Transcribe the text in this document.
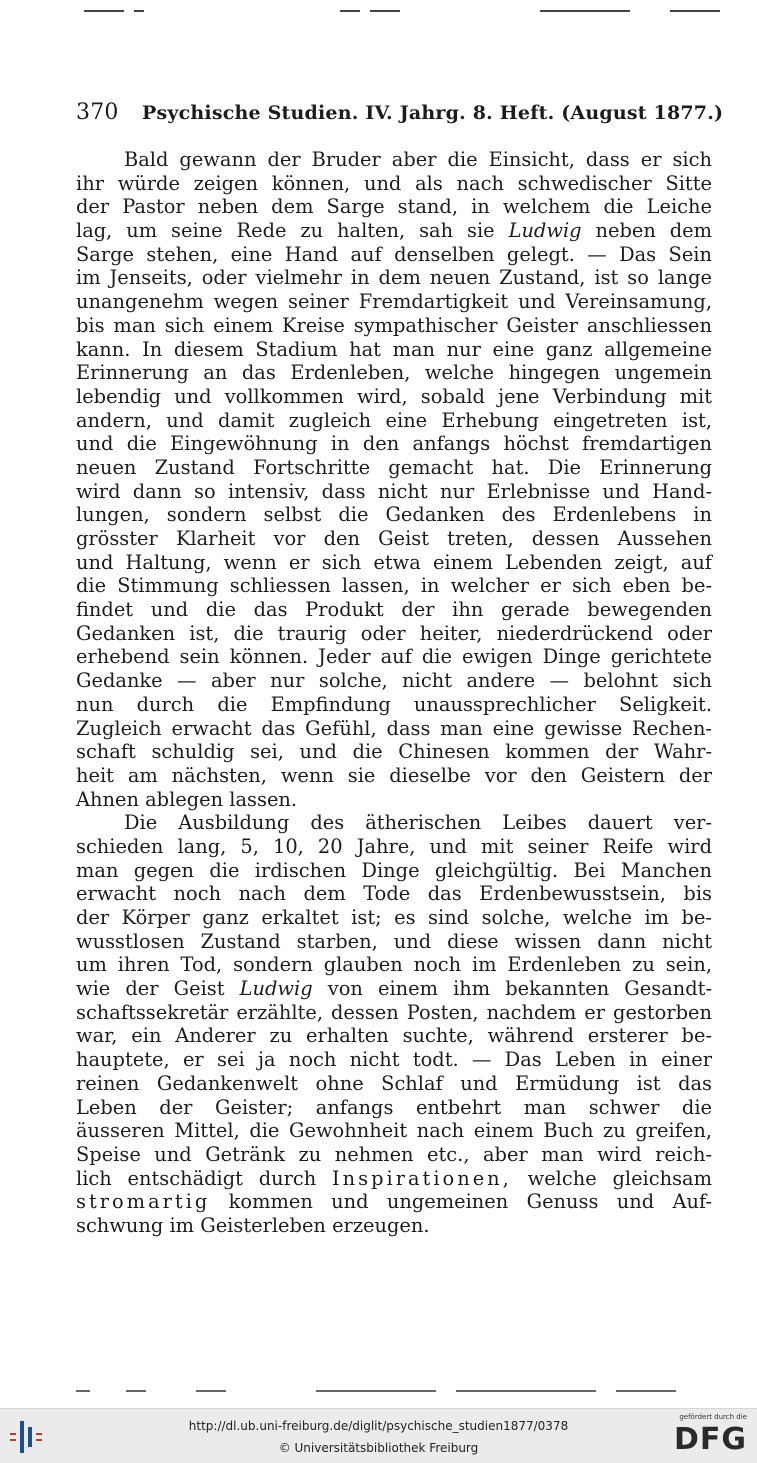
370 Psychische Studien. IV. Jahrg. 8. Heft. (August 1877.)
Bald gewann der Bruder aber die Einsicht, dass er sich
ihr würde zeigen können, und als nach schwedischer Sitte
der Pastor neben dem Sarge stand, in welchem die Leiche
lag, um seine Rede zu halten, sah sie Ludwig neben dem
Sarge stehen, eine Hand auf denselben gelegt. — Das Sein
im Jenseits, oder vielmehr in dem neuen Zustand, ist so lange
unangenehm wegen seiner Fremdartigkeit und Vereinsamung,
bis man sich einem Kreise sympathischer Geister anschliessen
kann. In diesem Stadium hat man nur eine ganz allgemeine
Erinnerung an das Erdenleben, welche hingegen ungemein
lebendig und vollkommen wird, sobald jene Verbindung mit
andern, und damit zugleich eine Erhebung eingetreten ist,
und die Eingewöhnung in den anfangs höchst fremdartigen
neuen Zustand Fortschritte gemacht hat. Die Erinnerung
wird dann so intensiv, dass nicht nur Erlebnisse und Hand-
lungen, sondern selbst die Gedanken des Erdenlebens in
grösster Klarheit vor den Geist treten, dessen Aussehen
und Haltung, wenn er sich etwa einem Lebenden zeigt, auf
die Stimmung schliessen lassen, in welcher er sich eben be-
findet und die das Produkt der ihn gerade bewegenden
Gedanken ist, die traurig oder heiter, niederdrückend oder
erhebend sein können. Jeder auf die ewigen Dinge gerichtete
Gedanke — aber nur solche, nicht andere — belohnt sich
nun durch die Empfindung unaussprechlicher Seligkeit.
Zugleich erwacht das Gefühl, dass man eine gewisse Rechen-
schaft schuldig sei, und die Chinesen kommen der Wahr-
heit am nächsten, wenn sie dieselbe vor den Geistern der
Ahnen ablegen lassen.
Die Ausbildung des ätherischen Leibes dauert ver-
schieden lang, 5, 10, 20 Jahre, und mit seiner Reife wird
man gegen die irdischen Dinge gleichgültig. Bei Manchen
erwacht noch nach dem Tode das Erdenbewusstsein, bis
der Körper ganz erkaltet ist; es sind solche, welche im be-
wusstlosen Zustand starben, und diese wissen dann nicht
um ihren Tod, sondern glauben noch im Erdenleben zu sein,
wie der Geist Ludwig von einem ihm bekannten Gesandt-
schaftssekretär erzählte, dessen Posten, nachdem er gestorben
war, ein Anderer zu erhalten suchte, während ersterer be-
hauptete, er sei ja noch nicht todt. — Das Leben in einer
reinen Gedankenwelt ohne Schlaf und Ermüdung ist das
Leben der Geister; anfangs entbehrt man schwer die
äusseren Mittel, die Gewohnheit nach einem Buch zu greifen,
Speise und Getränk zu nehmen etc., aber man wird reich-
lich entschädigt durch Inspirationen, welche gleichsam
stromartig kommen und ungemeinen Genuss und Auf-
schwung im Geisterleben erzeugen.
http://dl.ub.uni-freiburg.de/diglit/psychische_studien1877/0378
© Universitätsbibliothek Freiburg
gefördert durch die
DFG
